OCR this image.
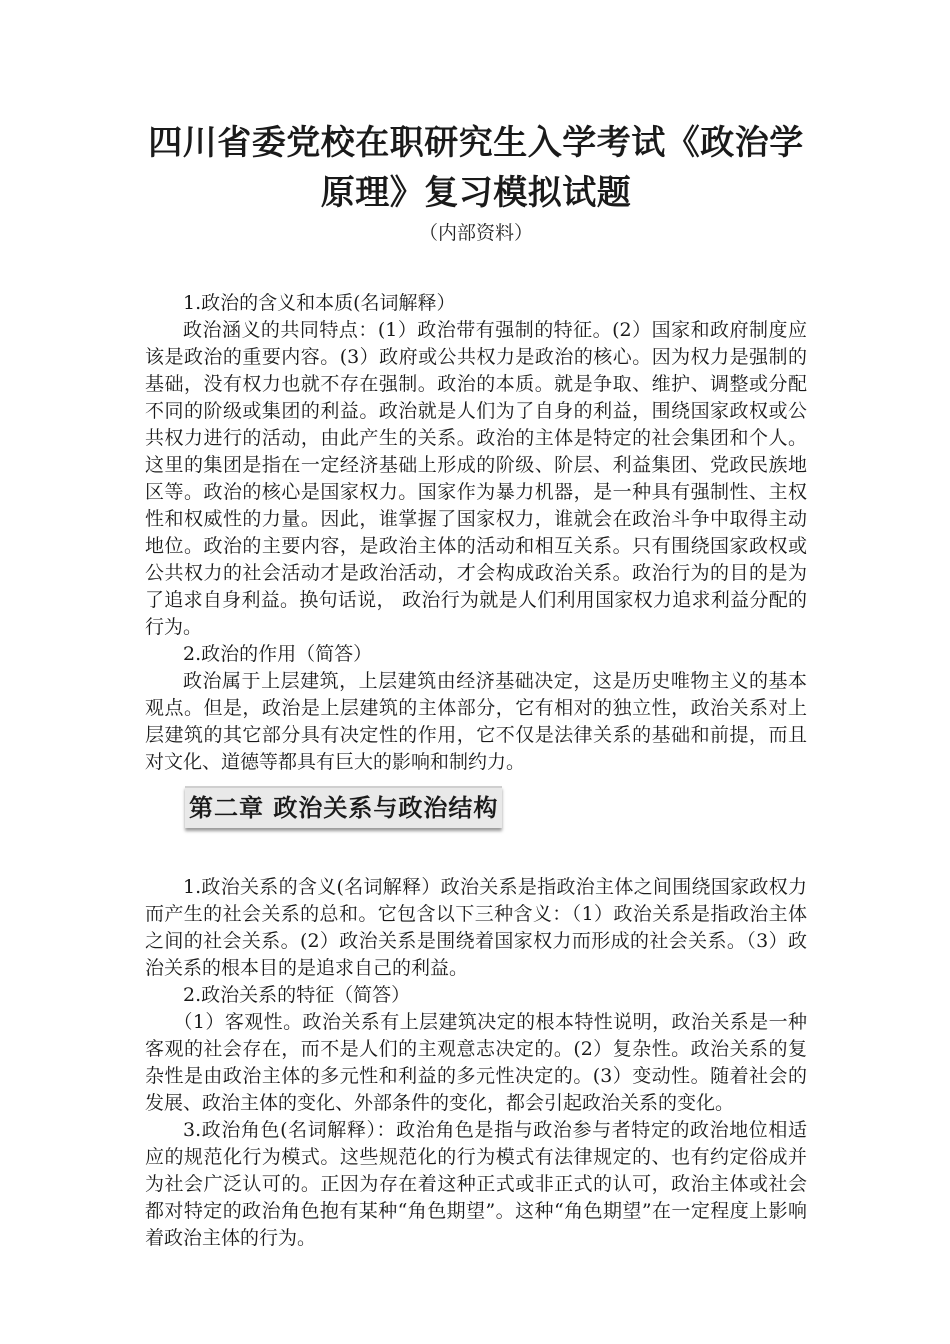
四川省委党校在职研究生入学考试《政治学
原理》复习模拟试题

（内部资料）

1.政治的含义和本质(名词解释）

政治涵义的共同特点：(1）政治带有强制的特征。(2）国家和政府制度应该是政治的重要内容。(3）政府或公共权力是政治的核心。因为权力是强制的基础，没有权力也就不存在强制。政治的本质。就是争取、维护、调整或分配不同的阶级或集团的利益。政治就是人们为了自身的利益，围绕国家政权或公共权力进行的活动，由此产生的关系。政治的主体是特定的社会集团和个人。这里的集团是指在一定经济基础上形成的阶级、阶层、利益集团、党政民族地区等。政治的核心是国家权力。国家作为暴力机器，是一种具有强制性、主权性和权威性的力量。因此，谁掌握了国家权力，谁就会在政治斗争中取得主动地位。政治的主要内容，是政治主体的活动和相互关系。只有围绕国家政权或公共权力的社会活动才是政治活动，才会构成政治关系。政治行为的目的是为了追求自身利益。换句话说， 政治行为就是人们利用国家权力追求利益分配的行为。

2.政治的作用（简答）

政治属于上层建筑，上层建筑由经济基础决定，这是历史唯物主义的基本观点。但是，政治是上层建筑的主体部分，它有相对的独立性，政治关系对上层建筑的其它部分具有决定性的作用，它不仅是法律关系的基础和前提，而且对文化、道德等都具有巨大的影响和制约力。

第二章 政治关系与政治结构

1.政治关系的含义(名词解释）政治关系是指政治主体之间围绕国家政权力而产生的社会关系的总和。它包含以下三种含义：（1）政治关系是指政治主体之间的社会关系。(2）政治关系是围绕着国家权力而形成的社会关系。（3）政治关系的根本目的是追求自己的利益。

2.政治关系的特征（简答）

（1）客观性。政治关系有上层建筑决定的根本特性说明，政治关系是一种客观的社会存在，而不是人们的主观意志决定的。(2）复杂性。政治关系的复杂性是由政治主体的多元性和利益的多元性决定的。(3）变动性。随着社会的发展、政治主体的变化、外部条件的变化，都会引起政治关系的变化。

3.政治角色(名词解释）：政治角色是指与政治参与者特定的政治地位相适应的规范化行为模式。这些规范化的行为模式有法律规定的、也有约定俗成并为社会广泛认可的。正因为存在着这种正式或非正式的认可，政治主体或社会都对特定的政治角色抱有某种“角色期望”。这种“角色期望”在一定程度上影响着政治主体的行为。
